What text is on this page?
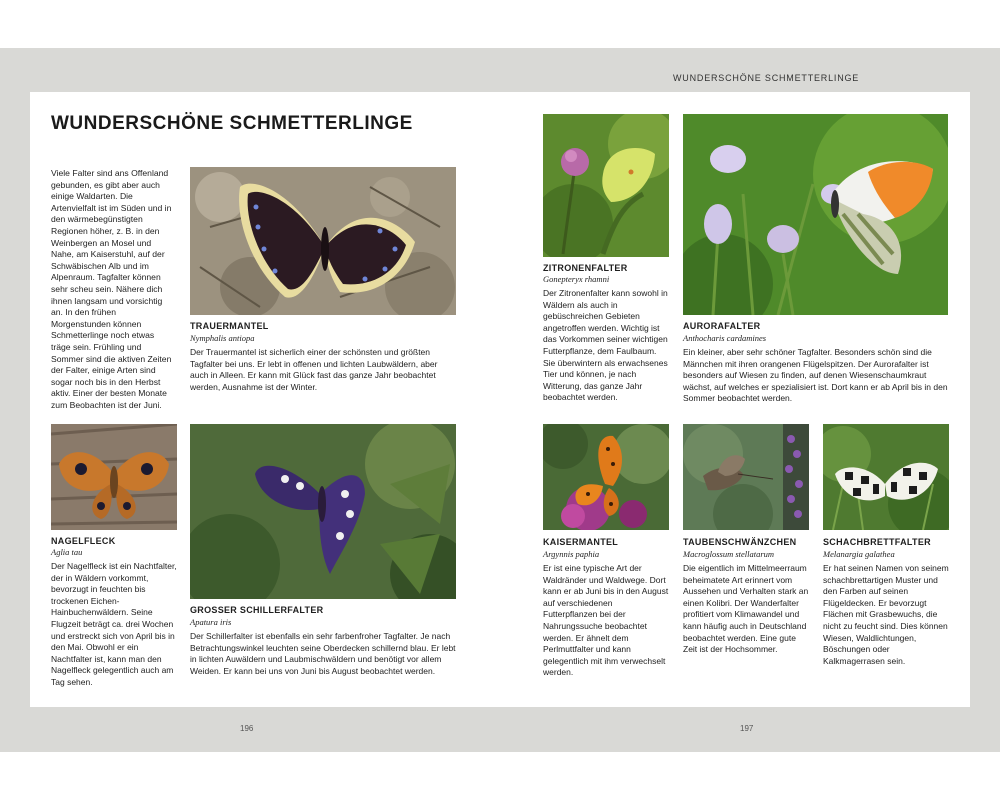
WUNDERSCHÖNE SCHMETTERLINGE
WUNDERSCHÖNE SCHMETTERLINGE

Viele Falter sind ans Offenland gebunden, es gibt aber auch einige Waldarten. Die Artenvielfalt ist im Süden und in den wärmebegünstigten Regionen höher, z. B. in den Weinbergen an Mosel und Nahe, am Kaiserstuhl, auf der Schwäbischen Alb und im Alpenraum. Tagfalter können sehr scheu sein. Nähere dich ihnen langsam und vorsichtig an. In den frühen Morgenstunden können Schmetterlinge noch etwas träge sein. Frühling und Sommer sind die aktiven Zeiten der Falter, einige Arten sind sogar noch bis in den Herbst aktiv. Einer der besten Monate zum Beobachten ist der Juni.

TRAUERMANTEL
Nymphalis antiopa

Der Trauermantel ist sicherlich einer der schönsten und größten Tagfalter bei uns. Er lebt in offenen und lichten Laubwäldern, aber auch in Alleen. Er kann mit Glück fast das ganze Jahr beobachtet werden, Ausnahme ist der Winter.

NAGELFLECK
Aglia tau

Der Nagelfleck ist ein Nachtfalter, der in Wäldern vorkommt, bevorzugt in feuchten bis trockenen Eichen-Hainbuchenwäldern. Seine Flugzeit beträgt ca. drei Wochen und erstreckt sich von April bis in den Mai. Obwohl er ein Nachtfalter ist, kann man den Nagelfleck gelegentlich auch am Tag sehen.

GROSSER SCHILLERFALTER
Apatura iris

Der Schillerfalter ist ebenfalls ein sehr farbenfroher Tagfalter. Je nach Betrachtungswinkel leuchten seine Oberdecken schillernd blau. Er lebt in lichten Auwäldern und Laubmischwäldern und benötigt vor allem Weiden. Er kann bei uns von Juni bis August beobachtet werden.

ZITRONENFALTER
Gonepteryx rhamni

Der Zitronenfalter kann sowohl in Wäldern als auch in gebüschreichen Gebieten angetroffen werden. Wichtig ist das Vorkommen seiner wichtigen Futterpflanze, dem Faulbaum. Sie überwintern als erwachsenes Tier und können, je nach Witterung, das ganze Jahr beobachtet werden.

AURORAFALTER
Anthocharis cardamines

Ein kleiner, aber sehr schöner Tagfalter. Besonders schön sind die Männchen mit ihren orangenen Flügelspitzen. Der Aurorafalter ist besonders auf Wiesen zu finden, auf denen Wiesenschaumkraut wächst, auf welches er spezialisiert ist. Dort kann er ab April bis in den Sommer beobachtet werden.

KAISERMANTEL
Argynnis paphia

Er ist eine typische Art der Waldränder und Waldwege. Dort kann er ab Juni bis in den August auf verschiedenen Futterpflanzen bei der Nahrungssuche beobachtet werden. Er ähnelt dem Perlmuttfalter und kann gelegentlich mit ihm verwechselt werden.

TAUBENSCHWÄNZCHEN
Macroglossum stellatarum

Die eigentlich im Mittelmeerraum beheimatete Art erinnert vom Aussehen und Verhalten stark an einen Kolibri. Der Wanderfalter profitiert vom Klimawandel und kann häufig auch in Deutschland beobachtet werden. Eine gute Zeit ist der Hochsommer.

SCHACHBRETTFALTER
Melanargia galathea

Er hat seinen Namen von seinem schachbrettartigen Muster und den Farben auf seinen Flügeldecken. Er bevorzugt Flächen mit Grasbewuchs, die nicht zu feucht sind. Dies können Wiesen, Waldlichtungen, Böschungen oder Kalkmagerrasen sein.

196	197
